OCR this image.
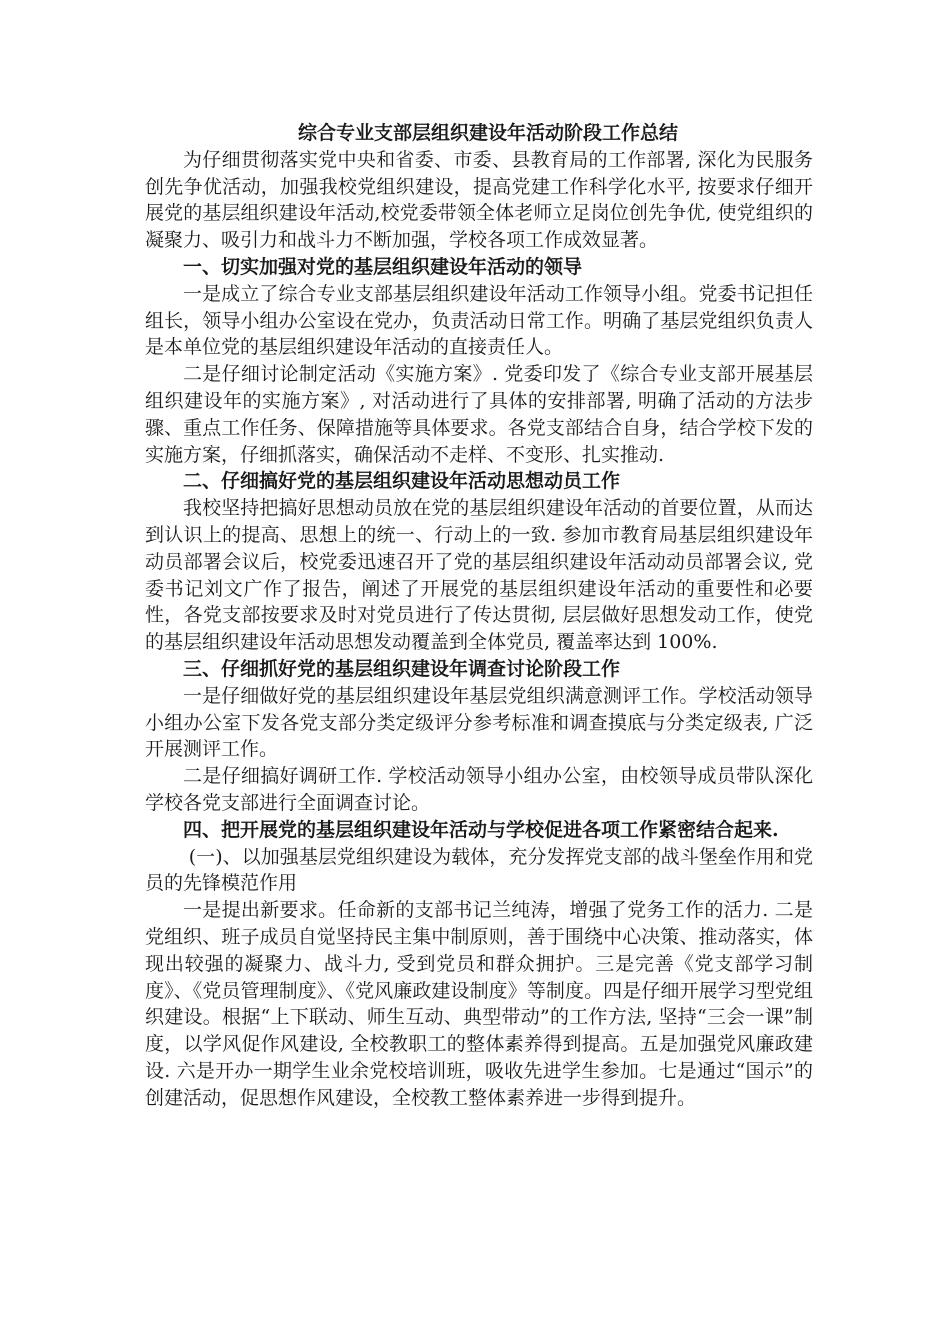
综合专业支部层组织建设年活动阶段工作总结

为仔细贯彻落实党中央和省委、市委、县教育局的工作部署, 深化为民服务创先争优活动，加强我校党组织建设，提高党建工作科学化水平, 按要求仔细开展党的基层组织建设年活动,校党委带领全体老师立足岗位创先争优, 使党组织的凝聚力、吸引力和战斗力不断加强，学校各项工作成效显著。

一、切实加强对党的基层组织建设年活动的领导

一是成立了综合专业支部基层组织建设年活动工作领导小组。党委书记担任组长，领导小组办公室设在党办，负责活动日常工作。明确了基层党组织负责人是本单位党的基层组织建设年活动的直接责任人。

二是仔细讨论制定活动《实施方案》. 党委印发了《综合专业支部开展基层组织建设年的实施方案》, 对活动进行了具体的安排部署, 明确了活动的方法步骤、重点工作任务、保障措施等具体要求。各党支部结合自身，结合学校下发的实施方案，仔细抓落实，确保活动不走样、不变形、扎实推动.

二、仔细搞好党的基层组织建设年活动思想动员工作

我校坚持把搞好思想动员放在党的基层组织建设年活动的首要位置，从而达到认识上的提高、思想上的统一、行动上的一致. 参加市教育局基层组织建设年动员部署会议后，校党委迅速召开了党的基层组织建设年活动动员部署会议, 党委书记刘文广作了报告，阐述了开展党的基层组织建设年活动的重要性和必要性，各党支部按要求及时对党员进行了传达贯彻, 层层做好思想发动工作，使党的基层组织建设年活动思想发动覆盖到全体党员, 覆盖率达到 100%.

三、仔细抓好党的基层组织建设年调查讨论阶段工作

一是仔细做好党的基层组织建设年基层党组织满意测评工作。学校活动领导小组办公室下发各党支部分类定级评分参考标准和调查摸底与分类定级表, 广泛开展测评工作。

二是仔细搞好调研工作. 学校活动领导小组办公室，由校领导成员带队深化学校各党支部进行全面调查讨论。

四、把开展党的基层组织建设年活动与学校促进各项工作紧密结合起来.

(一)、以加强基层党组织建设为载体，充分发挥党支部的战斗堡垒作用和党员的先锋模范作用

一是提出新要求。任命新的支部书记兰纯涛，增强了党务工作的活力. 二是党组织、班子成员自觉坚持民主集中制原则，善于围绕中心决策、推动落实，体现出较强的凝聚力、战斗力, 受到党员和群众拥护。三是完善《党支部学习制度》、《党员管理制度》、《党风廉政建设制度》等制度。四是仔细开展学习型党组织建设。根据“上下联动、师生互动、典型带动”的工作方法, 坚持“三会一课”制度，以学风促作风建设, 全校教职工的整体素养得到提高。五是加强党风廉政建设. 六是开办一期学生业余党校培训班，吸收先进学生参加。七是通过“国示”的创建活动，促思想作风建设，全校教工整体素养进一步得到提升。
